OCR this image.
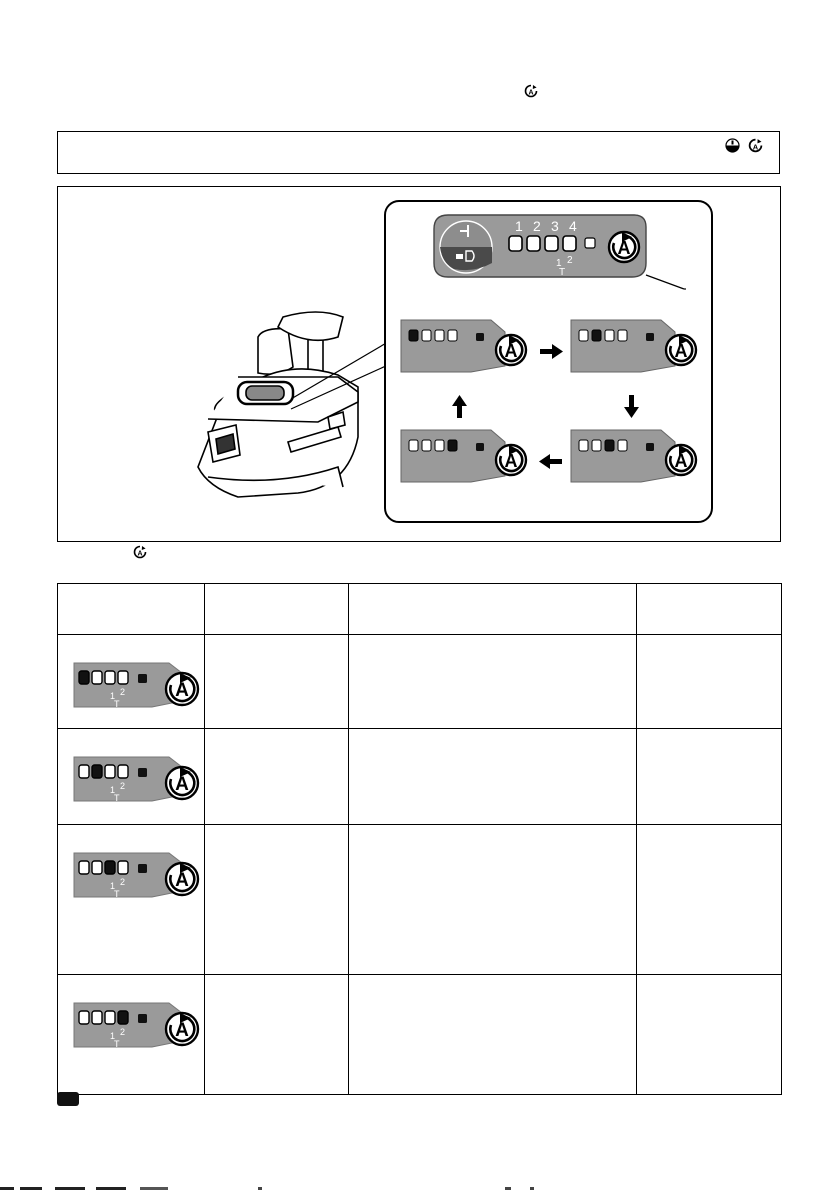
A
A
1 2 3 4
1 2
T
A
A	A
A
A
A

1 2
T
A			

1 2
T
A			

1 2
T
A			

1 2
T
A			
